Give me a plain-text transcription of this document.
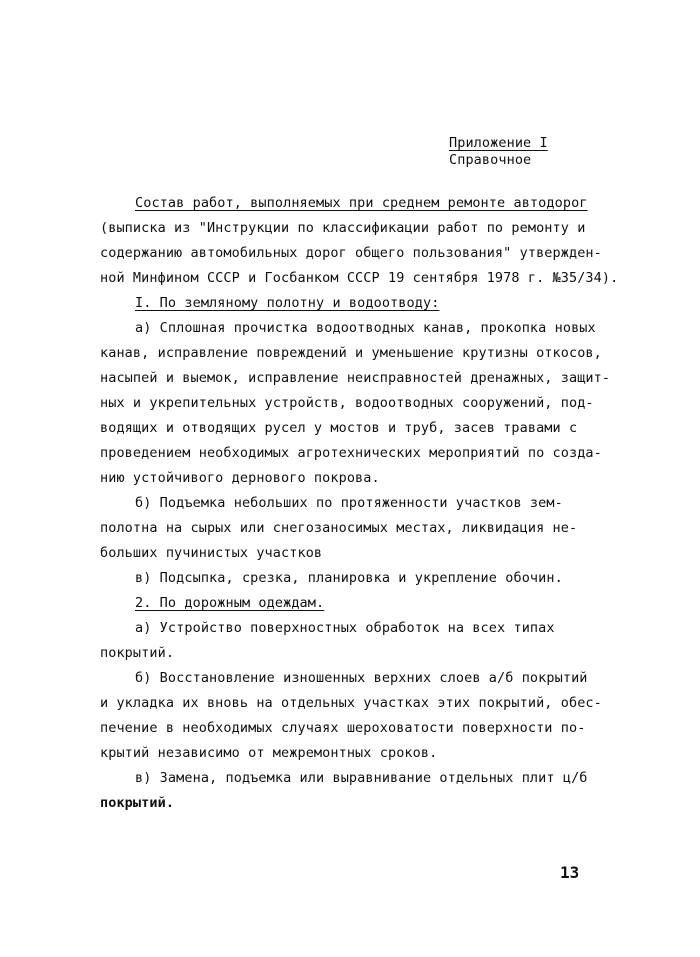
Приложение I
Справочное
Состав работ, выполняемых при среднем ремонте автодорог
(выписка из "Инструкции по классификации работ по ремонту и
содержанию автомобильных дорог общего пользования" утвержден-
ной Минфином СССР и Госбанком СССР 19 сентября 1978 г. №35/34).
I. По земляному полотну и водоотводу:
а) Сплошная прочистка водоотводных канав, прокопка новых
канав, исправление повреждений и уменьшение крутизны откосов,
насыпей и выемок, исправление неисправностей дренажных, защит-
ных и укрепительных устройств, водоотводных сооружений, под-
водящих и отводящих русел у мостов и труб, засев травами с
проведением необходимых агротехнических мероприятий по созда-
нию устойчивого дернового покрова.
б) Подъемка небольших по протяженности участков зем-
полотна на сырых или снегозаносимых местах, ликвидация не-
больших пучинистых участков
в) Подсыпка, срезка, планировка и укрепление обочин.
2. По дорожным одеждам.
а) Устройство поверхностных обработок на всех типах
покрытий.
б) Восстановление изношенных верхних слоев а/б покрытий
и укладка их вновь на отдельных участках этих покрытий, обес-
печение в необходимых случаях шероховатости поверхности по-
крытий независимо от межремонтных сроков.
в) Замена, подъемка или выравнивание отдельных плит ц/б
покрытий.
13
